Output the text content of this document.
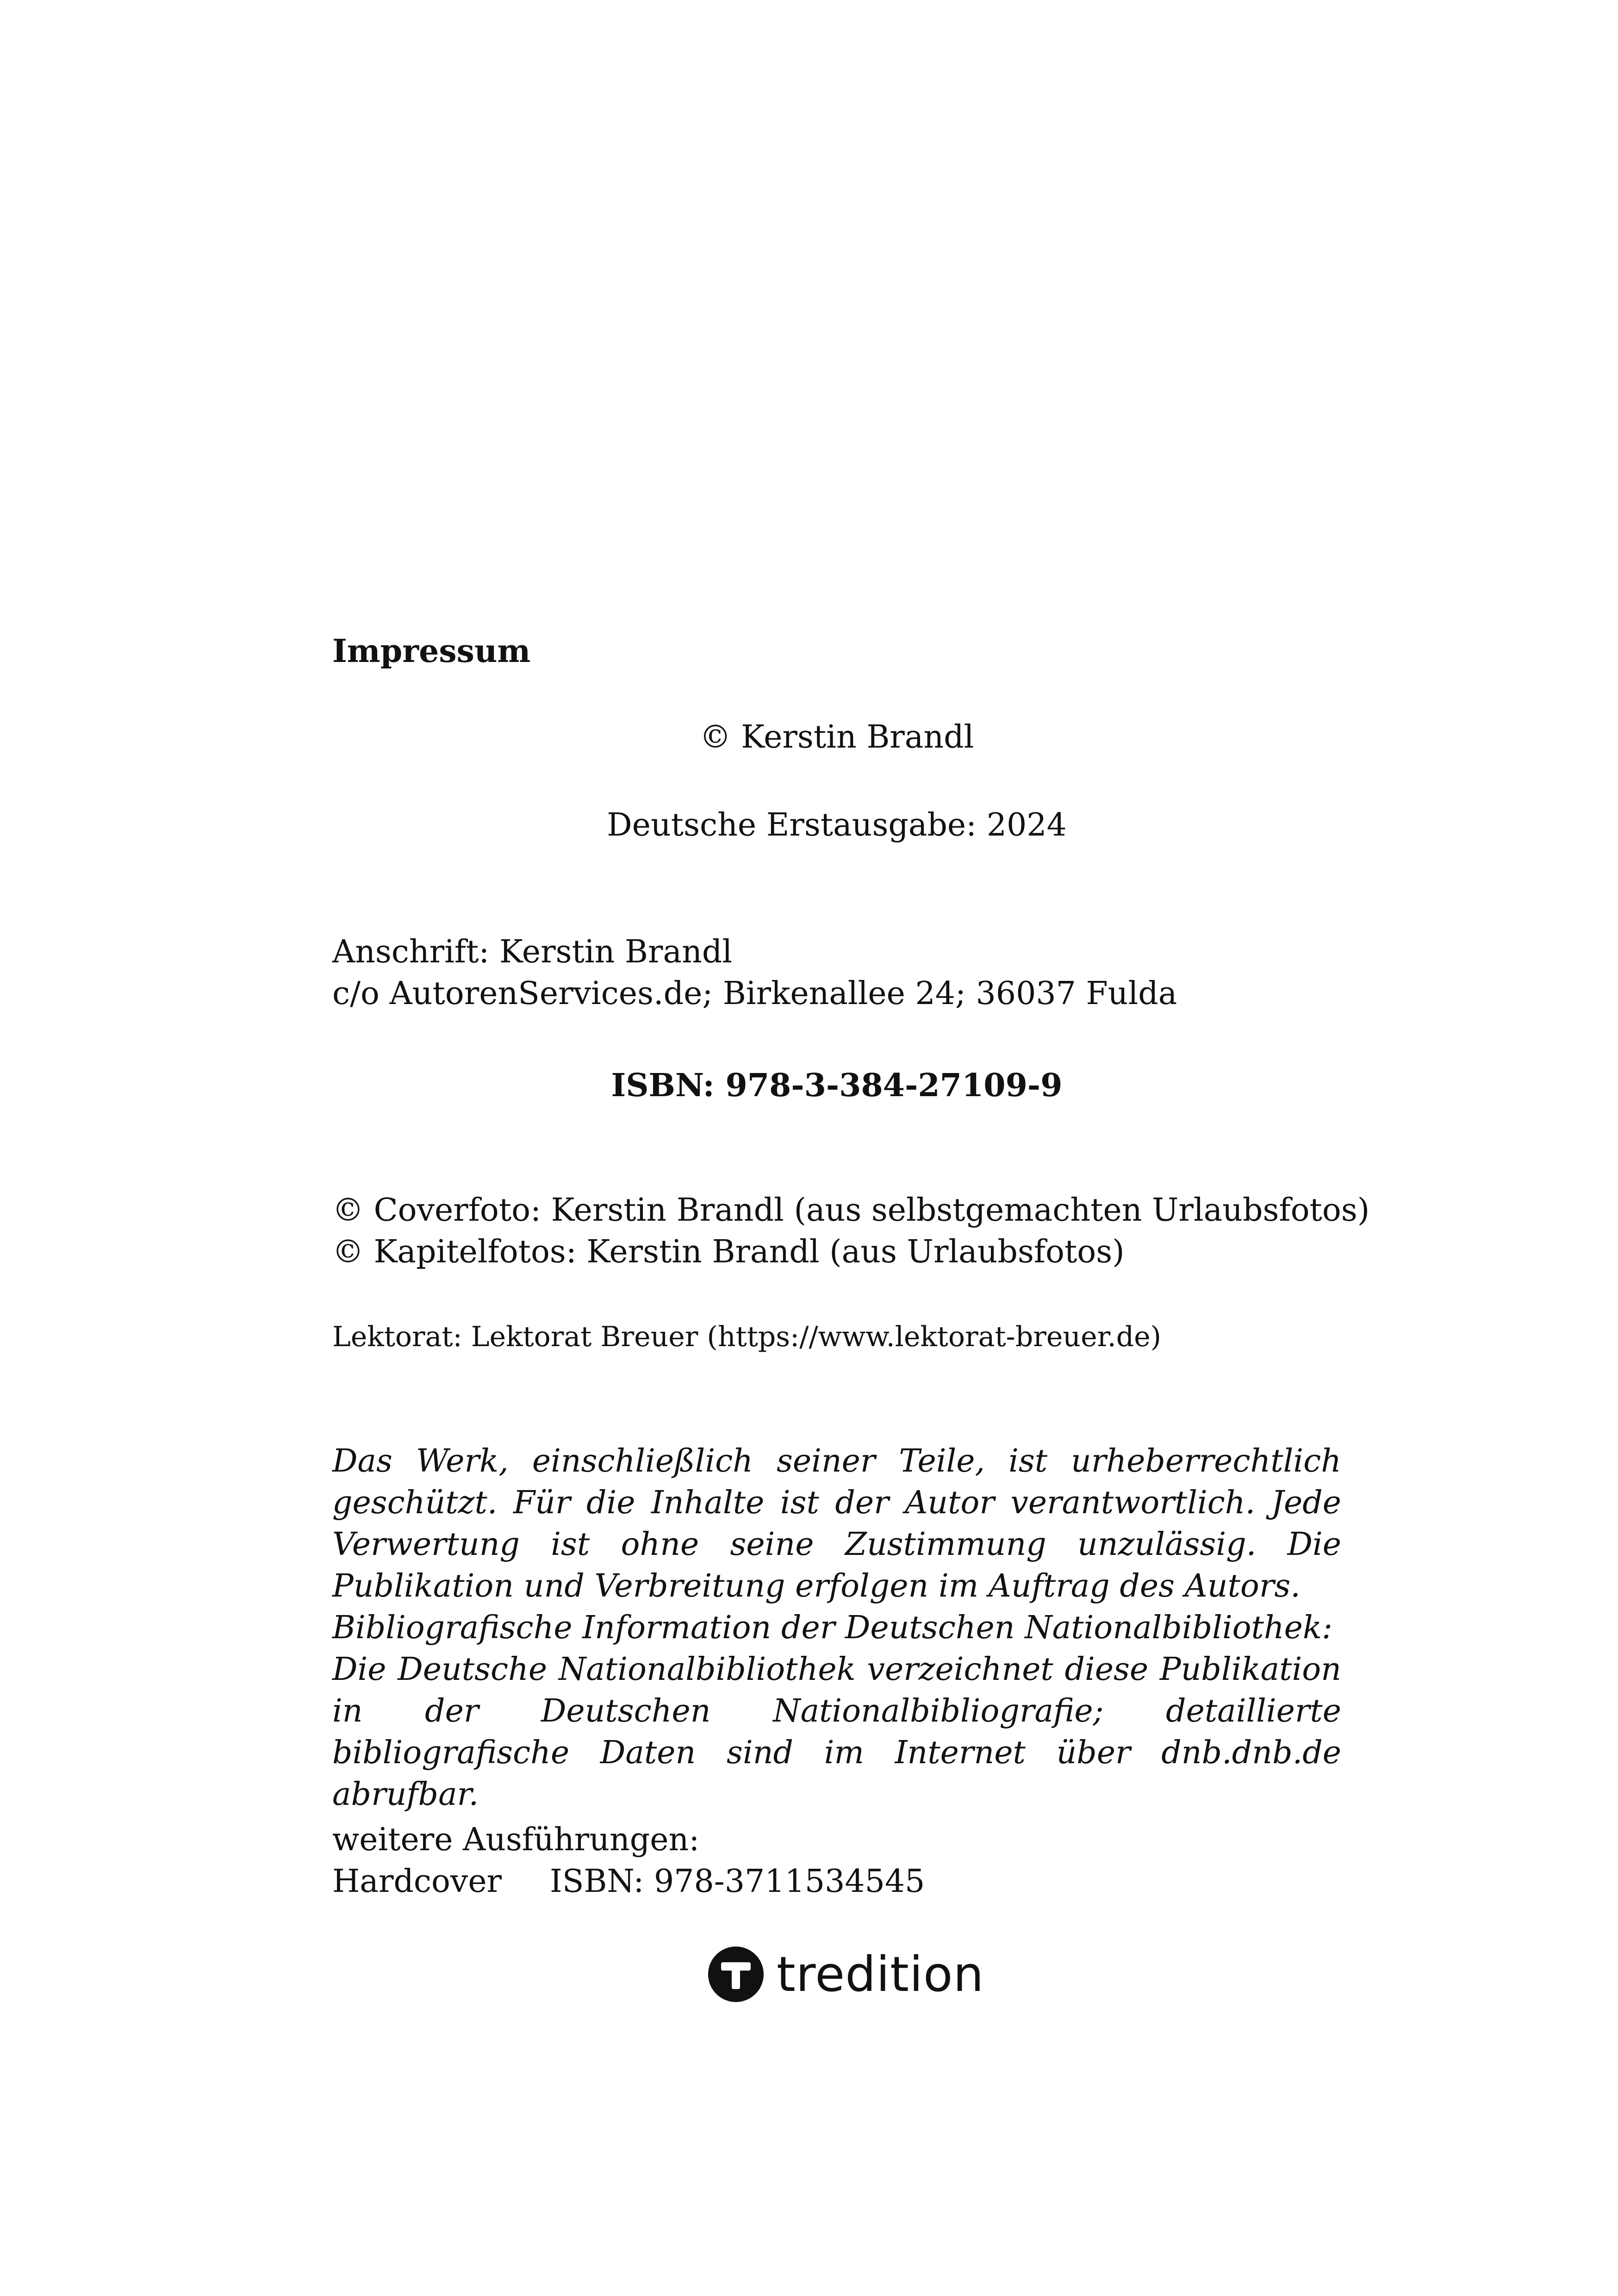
Impressum
© Kerstin Brandl
Deutsche Erstausgabe: 2024
Anschrift: Kerstin Brandl
c/o AutorenServices.de; Birkenallee 24; 36037 Fulda
ISBN: 978-3-384-27109-9
© Coverfoto: Kerstin Brandl (aus selbstgemachten Urlaubsfotos)
© Kapitelfotos: Kerstin Brandl (aus Urlaubsfotos)
Lektorat: Lektorat Breuer (https://www.lektorat-breuer.de)

Das Werk, einschließlich seiner Teile, ist urheberrechtlich geschützt. Für die Inhalte ist der Autor verantwortlich. Jede Verwertung ist ohne seine Zustimmung unzulässig. Die Publikation und Verbreitung erfolgen im Auftrag des Autors.

Bibliografische Information der Deutschen Nationalbibliothek:

Die Deutsche Nationalbibliothek verzeichnet diese Publikation in der Deutschen Nationalbibliografie; detaillierte bibliografische Daten sind im Internet über dnb.dnb.de abrufbar.

weitere Ausführungen:
Hardcover ISBN: 978-3711534545
tredition
